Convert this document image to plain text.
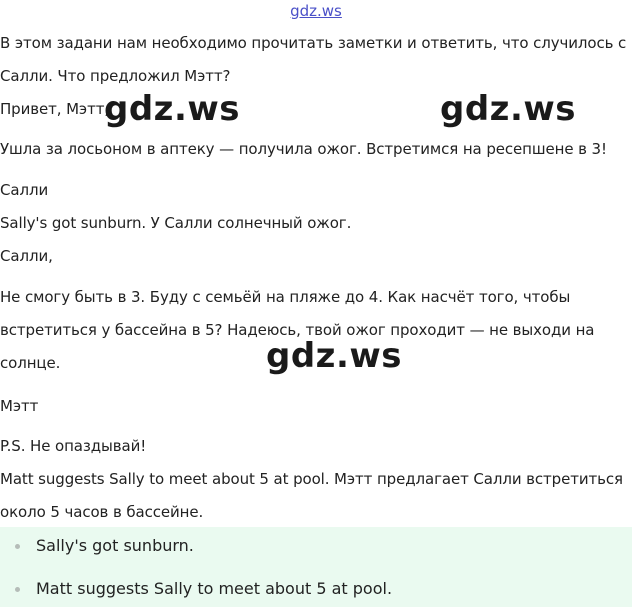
gdz.ws
В этом задани нам необходимо прочитать заметки и ответить, что случилось с
Салли. Что предложил Мэтт?
Привет, Мэтт,
Ушла за лосьоном в аптеку — получила ожог. Встретимся на ресепшене в 3!
Салли
Sally's got sunburn. У Салли солнечный ожог.
Салли,
Не смогу быть в 3. Буду с семьёй на пляже до 4. Как насчёт того, чтобы
встретиться у бассейна в 5? Надеюсь, твой ожог проходит — не выходи на
солнце.
Мэтт
P.S. Не опаздывай!
Matt suggests Sally to meet about 5 at pool. Мэтт предлагает Салли встретиться
около 5 часов в бассейне.
gdz.ws	gdz.ws
gdz.ws
Sally's got sunburn.
Matt suggests Sally to meet about 5 at pool.
